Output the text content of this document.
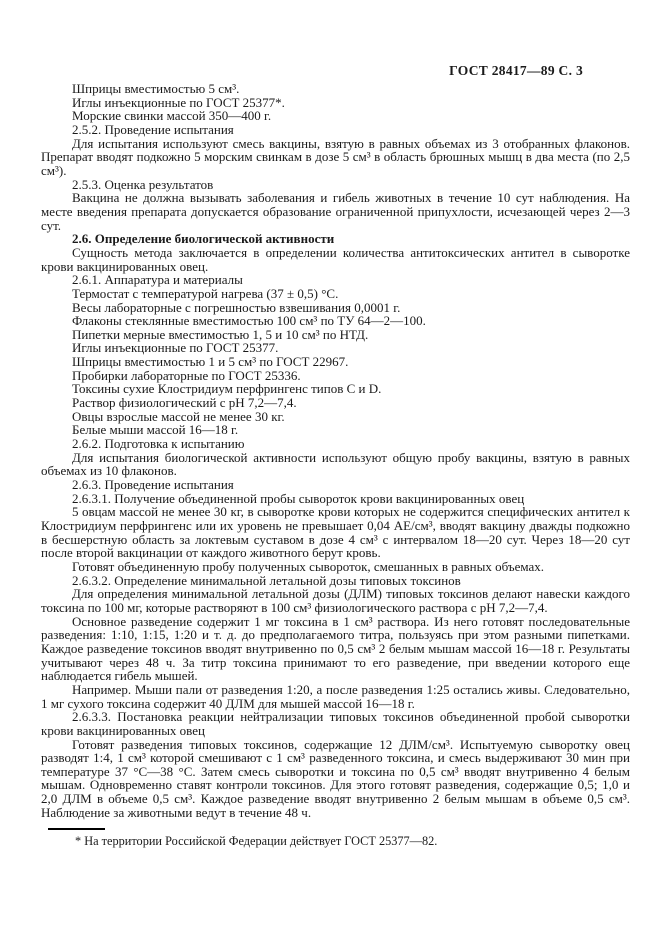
ГОСТ 28417—89 С. 3

Шприцы вместимостью 5 см³.

Иглы инъекционные по ГОСТ 25377*.

Морские свинки массой 350—400 г.

2.5.2. Проведение испытания

Для испытания используют смесь вакцины, взятую в равных объемах из 3 отобранных флаконов. Препарат вводят подкожно 5 морским свинкам в дозе 5 см³ в область брюшных мышц в два места (по 2,5 см³).

2.5.3. Оценка результатов

Вакцина не должна вызывать заболевания и гибель животных в течение 10 сут наблюдения. На месте введения препарата допускается образование ограниченной припухлости, исчезающей через 2—3 сут.

2.6. Определение биологической активности

Сущность метода заключается в определении количества антитоксических антител в сыворотке крови вакцинированных овец.

2.6.1. Аппаратура и материалы

Термостат с температурой нагрева (37 ± 0,5) °С.

Весы лабораторные с погрешностью взвешивания 0,0001 г.

Флаконы стеклянные вместимостью 100 см³ по ТУ 64—2—100.

Пипетки мерные вместимостью 1, 5 и 10 см³ по НТД.

Иглы инъекционные по ГОСТ 25377.

Шприцы вместимостью 1 и 5 см³ по ГОСТ 22967.

Пробирки лабораторные по ГОСТ 25336.

Токсины сухие Клостридиум перфрингенс типов C и D.

Раствор физиологический с pH 7,2—7,4.

Овцы взрослые массой не менее 30 кг.

Белые мыши массой 16—18 г.

2.6.2. Подготовка к испытанию

Для испытания биологической активности используют общую пробу вакцины, взятую в равных объемах из 10 флаконов.

2.6.3. Проведение испытания

2.6.3.1. Получение объединенной пробы сывороток крови вакцинированных овец

5 овцам массой не менее 30 кг, в сыворотке крови которых не содержится специфических антител к Клостридиум перфрингенс или их уровень не превышает 0,04 АЕ/см³, вводят вакцину дважды подкожно в бесшерстную область за локтевым суставом в дозе 4 см³ с интервалом 18—20 сут. Через 18—20 сут после второй вакцинации от каждого животного берут кровь.

Готовят объединенную пробу полученных сывороток, смешанных в равных объемах.

2.6.3.2. Определение минимальной летальной дозы типовых токсинов

Для определения минимальной летальной дозы (ДЛМ) типовых токсинов делают навески каждого токсина по 100 мг, которые растворяют в 100 см³ физиологического раствора с pH 7,2—7,4.

Основное разведение содержит 1 мг токсина в 1 см³ раствора. Из него готовят последовательные разведения: 1:10, 1:15, 1:20 и т. д. до предполагаемого титра, пользуясь при этом разными пипетками. Каждое разведение токсинов вводят внутривенно по 0,5 см³ 2 белым мышам массой 16—18 г. Результаты учитывают через 48 ч. За титр токсина принимают то его разведение, при введении которого еще наблюдается гибель мышей.

Например. Мыши пали от разведения 1:20, а после разведения 1:25 остались живы. Следовательно, 1 мг сухого токсина содержит 40 ДЛМ для мышей массой 16—18 г.

2.6.3.3. Постановка реакции нейтрализации типовых токсинов объединенной пробой сыворотки крови вакцинированных овец

Готовят разведения типовых токсинов, содержащие 12 ДЛМ/см³. Испытуемую сыворотку овец разводят 1:4, 1 см³ которой смешивают с 1 см³ разведенного токсина, и смесь выдерживают 30 мин при температуре 37 °С—38 °С. Затем смесь сыворотки и токсина по 0,5 см³ вводят внутривенно 4 белым мышам. Одновременно ставят контроли токсинов. Для этого готовят разведения, содержащие 0,5; 1,0 и 2,0 ДЛМ в объеме 0,5 см³. Каждое разведение вводят внутривенно 2 белым мышам в объеме 0,5 см³. Наблюдение за животными ведут в течение 48 ч.

* На территории Российской Федерации действует ГОСТ 25377—82.
